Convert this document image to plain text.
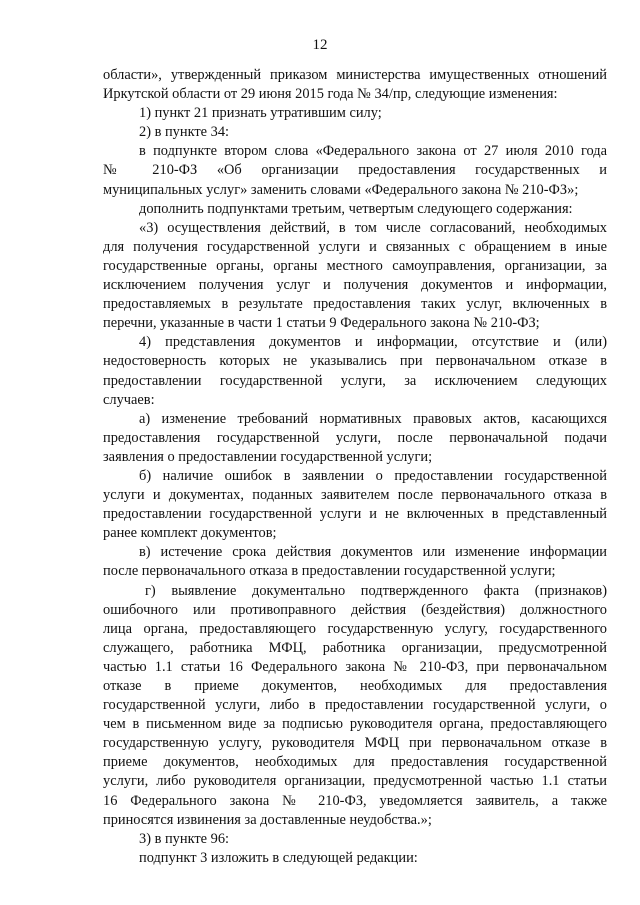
12
области», утвержденный приказом министерства имущественных отношений
Иркутской области от 29 июня 2015 года № 34/пр, следующие изменения:
1) пункт 21 признать утратившим силу;
2) в пункте 34:
в подпункте втором слова «Федерального закона от 27 июля 2010 года
№ 210-ФЗ «Об организации предоставления государственных и
муниципальных услуг» заменить словами «Федерального закона № 210-ФЗ»;
дополнить подпунктами третьим, четвертым следующего содержания:
«3) осуществления действий, в том числе согласований, необходимых
для получения государственной услуги и связанных с обращением в иные
государственные органы, органы местного самоуправления, организации, за
исключением получения услуг и получения документов и информации,
предоставляемых в результате предоставления таких услуг, включенных в
перечни, указанные в части 1 статьи 9 Федерального закона № 210-ФЗ;
4) представления документов и информации, отсутствие и (или)
недостоверность которых не указывались при первоначальном отказе в
предоставлении государственной услуги, за исключением следующих
случаев:
а) изменение требований нормативных правовых актов, касающихся
предоставления государственной услуги, после первоначальной подачи
заявления о предоставлении государственной услуги;
б) наличие ошибок в заявлении о предоставлении государственной
услуги и документах, поданных заявителем после первоначального отказа в
предоставлении государственной услуги и не включенных в представленный
ранее комплект документов;
в) истечение срока действия документов или изменение информации
после первоначального отказа в предоставлении государственной услуги;
г) выявление документально подтвержденного факта (признаков)
ошибочного или противоправного действия (бездействия) должностного
лица органа, предоставляющего государственную услугу, государственного
служащего, работника МФЦ, работника организации, предусмотренной
частью 1.1 статьи 16 Федерального закона № 210-ФЗ, при первоначальном
отказе в приеме документов, необходимых для предоставления
государственной услуги, либо в предоставлении государственной услуги, о
чем в письменном виде за подписью руководителя органа, предоставляющего
государственную услугу, руководителя МФЦ при первоначальном отказе в
приеме документов, необходимых для предоставления государственной
услуги, либо руководителя организации, предусмотренной частью 1.1 статьи
16 Федерального закона № 210-ФЗ, уведомляется заявитель, а также
приносятся извинения за доставленные неудобства.»;
3) в пункте 96:
подпункт 3 изложить в следующей редакции:
